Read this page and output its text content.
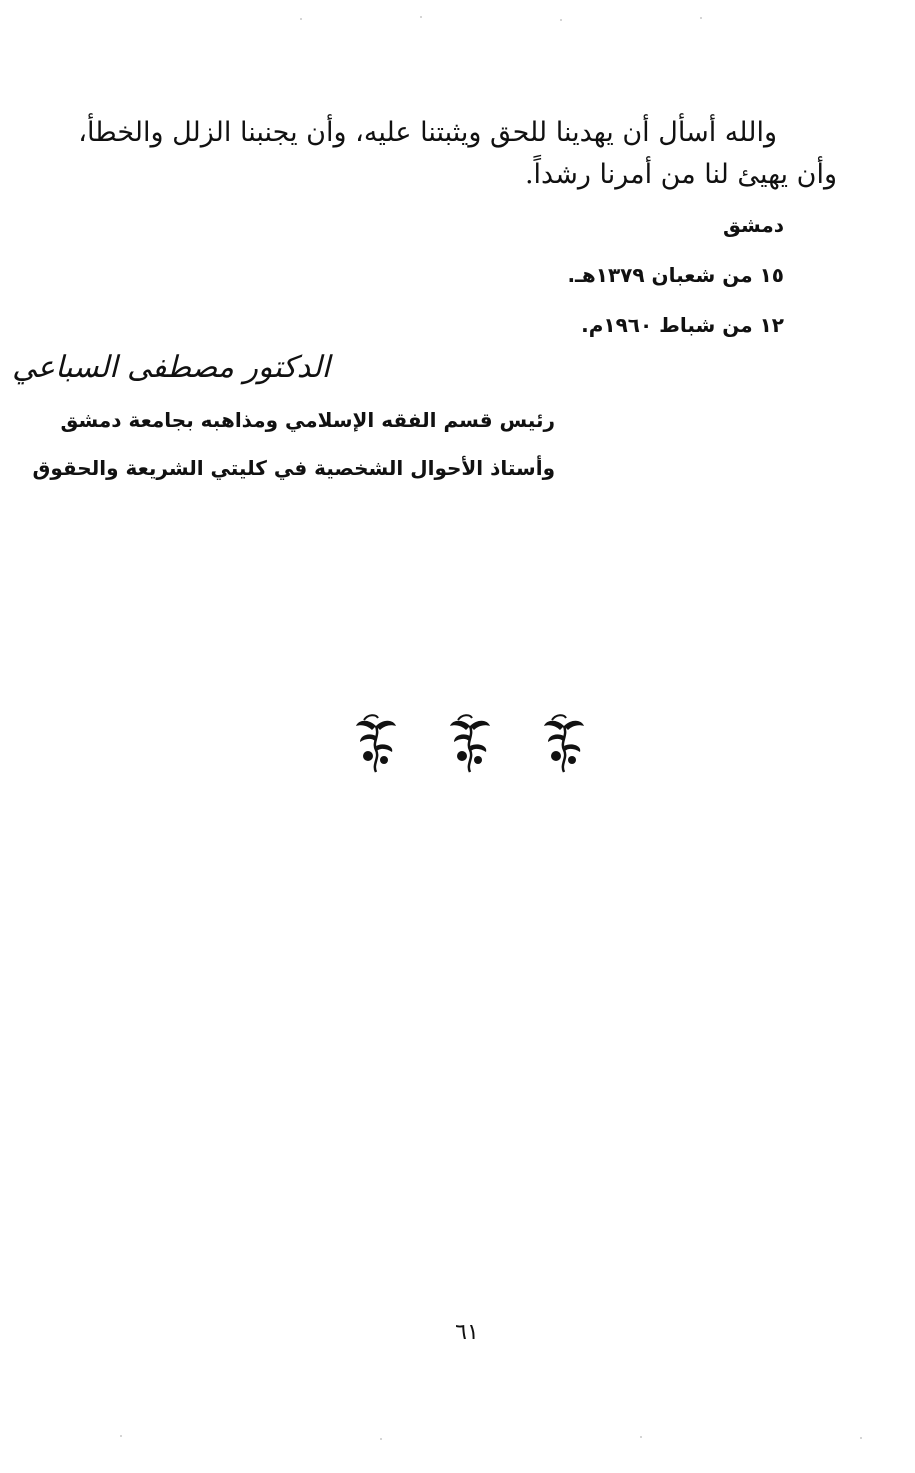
والله أسأل أن يهدينا للحق ويثبتنا عليه، وأن يجنبنا الزلل والخطأ،
وأن يهيئ لنا من أمرنا رشداً.
دمشق
١٥ من شعبان ١٣٧٩هـ.
١٢ من شباط ١٩٦٠م.
الدكتور مصطفى السباعي
رئيس قسم الفقه الإسلامي ومذاهبه بجامعة دمشق
وأستاذ الأحوال الشخصية في كليتي الشريعة والحقوق
٦١
